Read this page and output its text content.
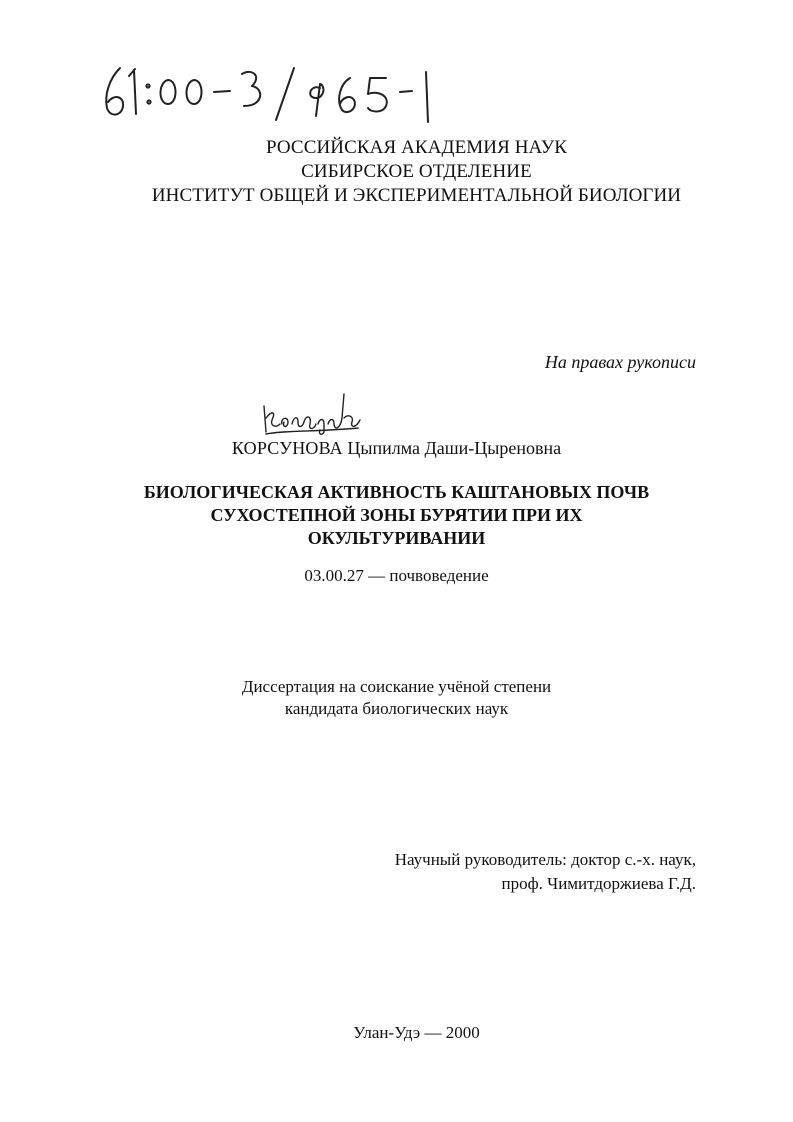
РОССИЙСКАЯ АКАДЕМИЯ НАУК
СИБИРСКОЕ ОТДЕЛЕНИЕ
ИНСТИТУТ ОБЩЕЙ И ЭКСПЕРИМЕНТАЛЬНОЙ БИОЛОГИИ

На правах рукописи

КОРСУНОВА Цыпилма Даши-Цыреновна
БИОЛОГИЧЕСКАЯ АКТИВНОСТЬ КАШТАНОВЫХ ПОЧВ
СУХОСТЕПНОЙ ЗОНЫ БУРЯТИИ ПРИ ИХ
ОКУЛЬТУРИВАНИИ

03.00.27 — почвоведение

Диссертация на соискание учёной степени
кандидата биологических наук
Научный руководитель: доктор с.-х. наук,
проф. Чимитдоржиева Г.Д.

Улан-Удэ — 2000
